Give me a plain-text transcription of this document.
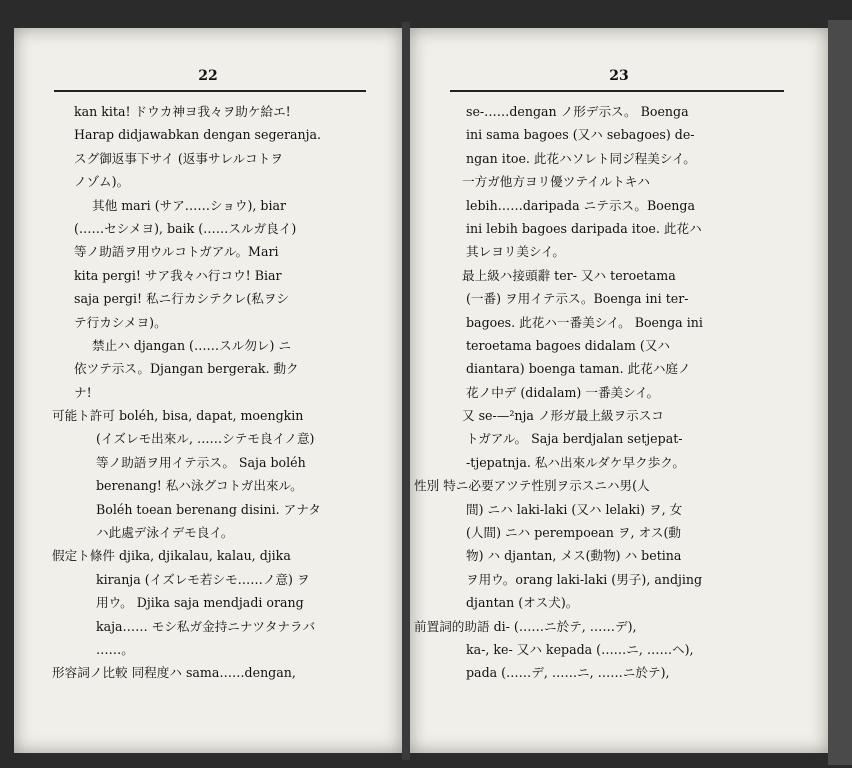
22
kan kita! ドウカ神ヨ我々ヲ助ケ給エ!
Harap didjawabkan dengan segeranja.
スグ御返事下サイ (返事サレルコトヲ
ノゾム)。
其他 mari (サア……ショウ), biar
(……セシメヨ), baik (……スルガ良イ)
等ノ助語ヲ用ウルコトガアル。Mari
kita pergi! サア我々ハ行コウ! Biar
saja pergi! 私ニ行カシテクレ(私ヲシ
テ行カシメヨ)。
禁止ハ djangan (……スル勿レ) ニ
依ツテ示ス。Djangan bergerak. 動ク
ナ!
可能ト許可 boléh, bisa, dapat, moengkin
(イズレモ出來ル, ……シテモ良イノ意)
等ノ助語ヲ用イテ示ス。 Saja boléh
berenang! 私ハ泳グコトガ出來ル。
Boléh toean berenang disini. アナタ
ハ此處デ泳イデモ良イ。
假定ト條件 djika, djikalau, kalau, djika
kiranja (イズレモ若シモ……ノ意) ヲ
用ウ。 Djika saja mendjadi orang
kaja…… モシ私ガ金持ニナツタナラバ
……。
形容詞ノ比較 同程度ハ sama……dengan,
23
se-……dengan ノ形デ示ス。 Boenga
ini sama bagoes (又ハ sebagoes) de-
ngan itoe. 此花ハソレト同ジ程美シイ。
一方ガ他方ヨリ優ツテイルトキハ
lebih……daripada ニテ示ス。Boenga
ini lebih bagoes daripada itoe. 此花ハ
其レヨリ美シイ。
最上級ハ接頭辭 ter- 又ハ teroetama
(一番) ヲ用イテ示ス。Boenga ini ter-
bagoes. 此花ハ一番美シイ。 Boenga ini
teroetama bagoes didalam (又ハ
diantara) boenga taman. 此花ハ庭ノ
花ノ中デ (didalam) 一番美シイ。
又 se-—²nja ノ形ガ最上級ヲ示スコ
トガアル。 Saja berdjalan setjepat-
-tjepatnja. 私ハ出來ルダケ早ク歩ク。
性別 特ニ必要アツテ性別ヲ示スニハ男(人
間) ニハ laki-laki (又ハ lelaki) ヲ, 女
(人間) ニハ perempoean ヲ, オス(動
物) ハ djantan, メス(動物) ハ betina
ヲ用ウ。orang laki-laki (男子), andjing
djantan (オス犬)。
前置詞的助語 di- (……ニ於テ, ……デ),
ka-, ke- 又ハ kepada (……ニ, ……ヘ),
pada (……デ, ……ニ, ……ニ於テ),
